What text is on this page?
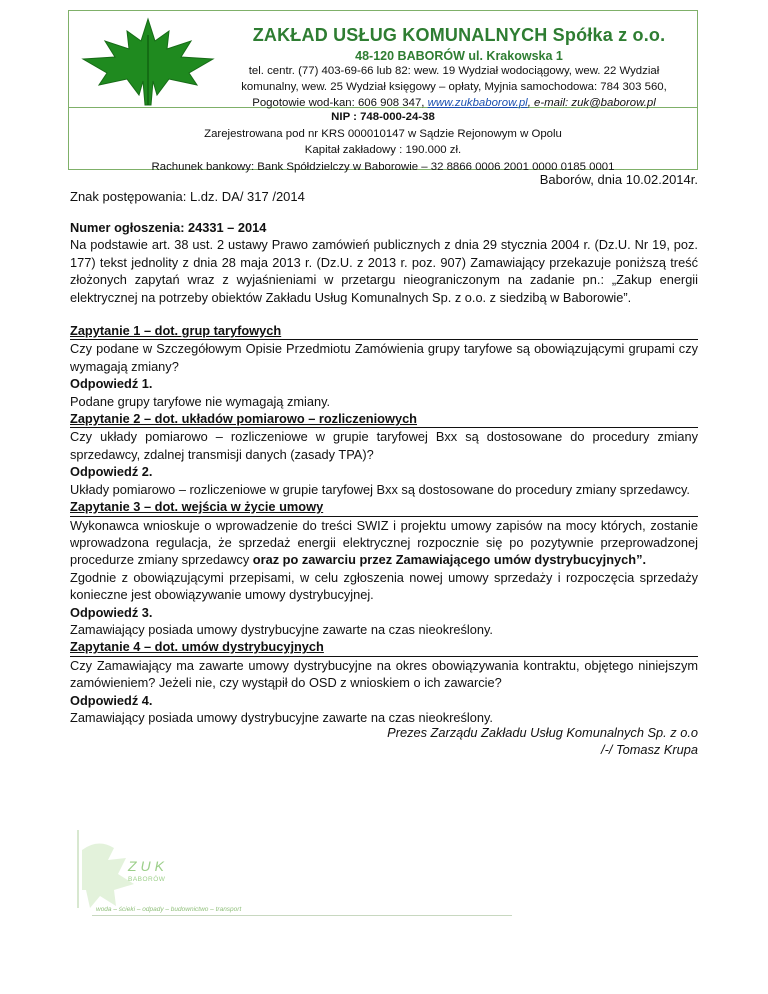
ZAKŁAD USŁUG KOMUNALNYCH Spółka z o.o.
48-120 BABORÓW ul. Krakowska 1
tel. centr. (77) 403-69-66 lub 82: wew. 19 Wydział wodociągowy, wew. 22 Wydział
komunalny, wew. 25 Wydział księgowy – opłaty, Myjnia samochodowa: 784 303 560,
Pogotowie wod-kan: 606 908 347, www.zukbaborow.pl, e-mail: zuk@baborow.pl
NIP : 748-000-24-38
Zarejestrowana pod nr KRS 000010147 w Sądzie Rejonowym w Opolu
Kapitał zakładowy : 190.000 zł.
Rachunek bankowy: Bank Spółdzielczy w Baborowie – 32 8866 0006 2001 0000 0185 0001
Baborów, dnia 10.02.2014r.
Znak postępowania: L.dz. DA/ 317 /2014
Numer ogłoszenia: 24331 – 2014

Na podstawie art. 38 ust. 2 ustawy Prawo zamówień publicznych z dnia 29 stycznia 2004 r. (Dz.U. Nr 19, poz. 177) tekst jednolity z dnia 28 maja 2013 r. (Dz.U. z 2013 r. poz. 907) Zamawiający przekazuje poniższą treść złożonych zapytań wraz z wyjaśnieniami w przetargu nieograniczonym na zadanie pn.: „Zakup energii elektrycznej na potrzeby obiektów Zakładu Usług Komunalnych Sp. z o.o. z siedzibą w Baborowie”.

Zapytanie 1 – dot. grup taryfowych

Czy podane w Szczegółowym Opisie Przedmiotu Zamówienia grupy taryfowe są obowiązującymi grupami czy wymagają zmiany?

Odpowiedź 1.

Podane grupy taryfowe nie wymagają zmiany.

Zapytanie 2 – dot. układów pomiarowo – rozliczeniowych

Czy układy pomiarowo – rozliczeniowe w grupie taryfowej Bxx są dostosowane do procedury zmiany sprzedawcy, zdalnej transmisji danych (zasady TPA)?

Odpowiedź 2.

Układy pomiarowo – rozliczeniowe w grupie taryfowej Bxx są dostosowane do procedury zmiany sprzedawcy.

Zapytanie 3 – dot. wejścia w życie umowy

Wykonawca wnioskuje o wprowadzenie do treści SWIZ i projektu umowy zapisów na mocy których, zostanie wprowadzona regulacja, że sprzedaż energii elektrycznej rozpocznie się po pozytywnie przeprowadzonej procedurze zmiany sprzedawcy oraz po zawarciu przez Zamawiającego umów dystrybucyjnych”.

Zgodnie z obowiązującymi przepisami, w celu zgłoszenia nowej umowy sprzedaży i rozpoczęcia sprzedaży konieczne jest obowiązywanie umowy dystrybucyjnej.

Odpowiedź 3.

Zamawiający posiada umowy dystrybucyjne zawarte na czas nieokreślony.

Zapytanie 4 – dot. umów dystrybucyjnych

Czy Zamawiający ma zawarte umowy dystrybucyjne na okres obowiązywania kontraktu, objętego niniejszym zamówieniem? Jeżeli nie, czy wystąpił do OSD z wnioskiem o ich zawarcie?

Odpowiedź 4.

Zamawiający posiada umowy dystrybucyjne zawarte na czas nieokreślony.

Prezes Zarządu Zakładu Usług Komunalnych Sp. z o.o
/-/ Tomasz Krupa
ZUK
BABORÓW
woda – ścieki – odpady – budownictwo – transport
